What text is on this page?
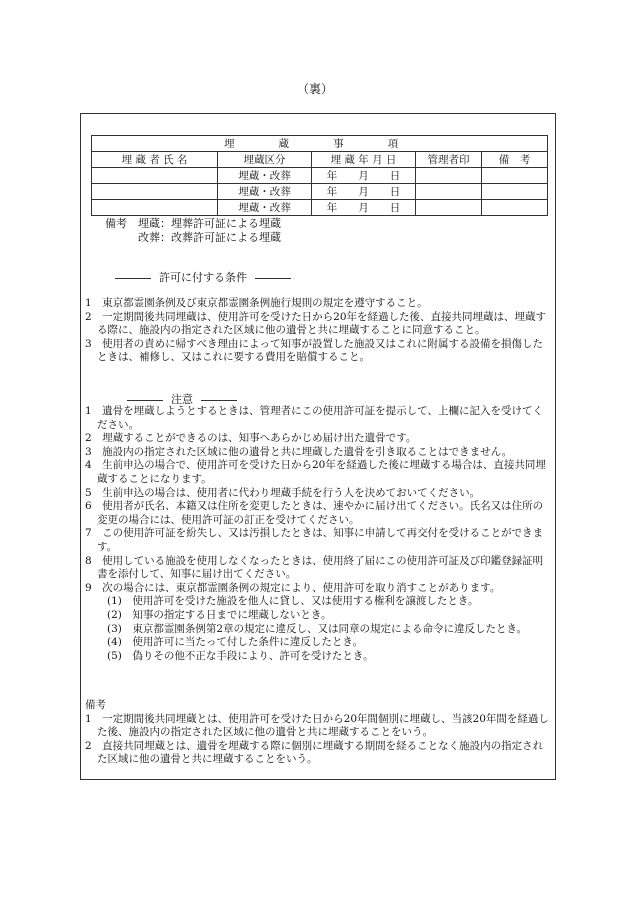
（裏）
埋　蔵　事　項				
埋 蔵 者 氏 名	埋蔵区分	埋 蔵 年 月 日	管理者印	備　考
	埋蔵・改葬	年　　月　　日		
	埋蔵・改葬	年　　月　　日		
	埋蔵・改葬	年　　月　　日		
備考　埋蔵：埋葬許可証による埋蔵
　　　改葬：改葬許可証による埋蔵
許可に付する条件

1　東京都霊園条例及び東京都霊園条例施行規則の規定を遵守すること。

2　一定期間後共同埋蔵は、使用許可を受けた日から20年を経過した後、直接共同埋蔵は、埋蔵する際に、施設内の指定された区域に他の遺骨と共に埋蔵することに同意すること。

3　使用者の責めに帰すべき理由によって知事が設置した施設又はこれに附属する設備を損傷したときは、補修し、又はこれに要する費用を賠償すること。

注意

1　遺骨を埋蔵しようとするときは、管理者にこの使用許可証を提示して、上欄に記入を受けてください。

2　埋蔵することができるのは、知事へあらかじめ届け出た遺骨です。

3　施設内の指定された区域に他の遺骨と共に埋蔵した遺骨を引き取ることはできません。

4　生前申込の場合で、使用許可を受けた日から20年を経過した後に埋蔵する場合は、直接共同埋蔵することになります。

5　生前申込の場合は、使用者に代わり埋蔵手続を行う人を決めておいてください。

6　使用者が氏名、本籍又は住所を変更したときは、速やかに届け出てください。氏名又は住所の変更の場合には、使用許可証の訂正を受けてください。

7　この使用許可証を紛失し、又は汚損したときは、知事に申請して再交付を受けることができます。

8　使用している施設を使用しなくなったときは、使用終了届にこの使用許可証及び印鑑登録証明書を添付して、知事に届け出てください。

9　次の場合には、東京都霊園条例の規定により、使用許可を取り消すことがあります。

(1)　使用許可を受けた施設を他人に貸し、又は使用する権利を譲渡したとき。

(2)　知事の指定する日までに埋蔵しないとき。

(3)　東京都霊園条例第2章の規定に違反し、又は同章の規定による命令に違反したとき。

(4)　使用許可に当たって付した条件に違反したとき。

(5)　偽りその他不正な手段により、許可を受けたとき。

備考

1　一定期間後共同埋蔵とは、使用許可を受けた日から20年間個別に埋蔵し、当該20年間を経過した後、施設内の指定された区域に他の遺骨と共に埋蔵することをいう。

2　直接共同埋蔵とは、遺骨を埋蔵する際に個別に埋蔵する期間を経ることなく施設内の指定された区域に他の遺骨と共に埋蔵することをいう。
